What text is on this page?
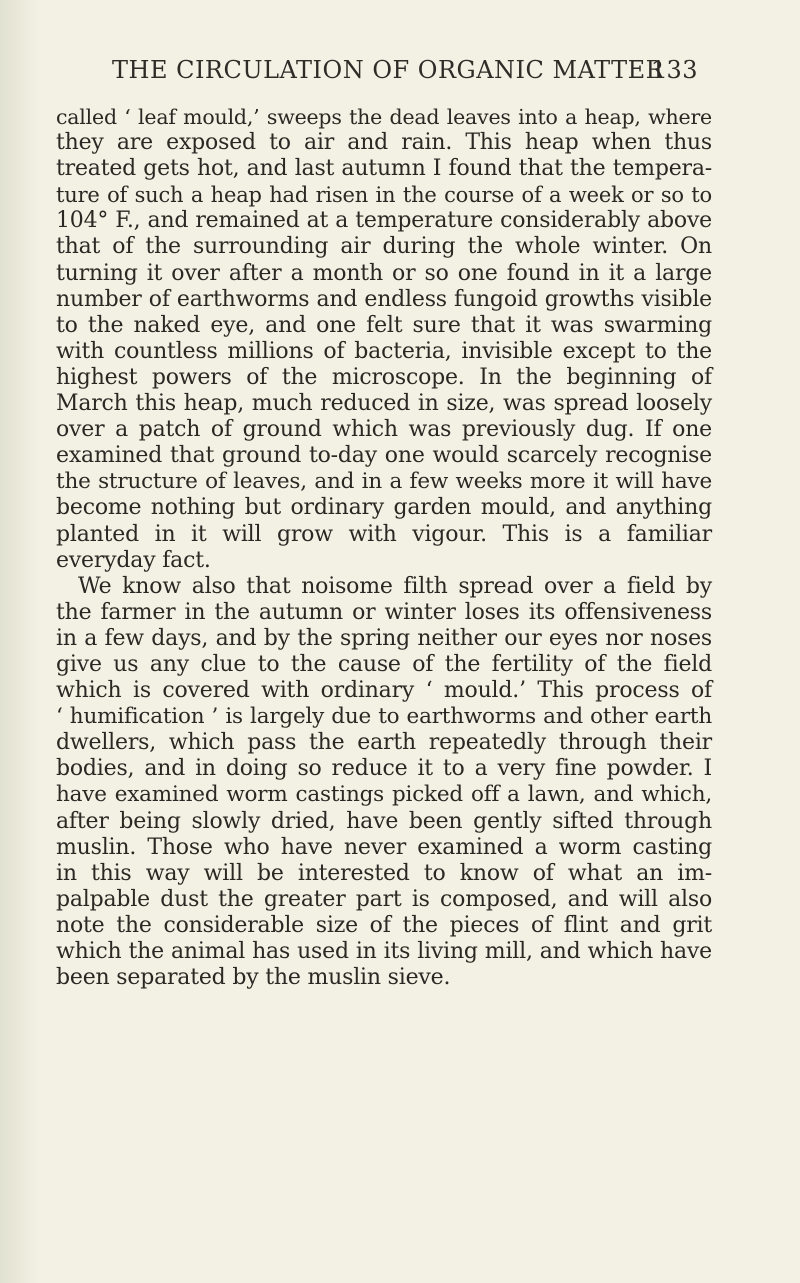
THE CIRCULATION OF ORGANIC MATTER
133
called ‘ leaf mould,’ sweeps the dead leaves into a heap, where
they are exposed to air and rain. This heap when thus
treated gets hot, and last autumn I found that the tempera-
ture of such a heap had risen in the course of a week or so to
104° F., and remained at a temperature considerably above
that of the surrounding air during the whole winter. On
turning it over after a month or so one found in it a large
number of earthworms and endless fungoid growths visible
to the naked eye, and one felt sure that it was swarming
with countless millions of bacteria, invisible except to the
highest powers of the microscope. In the beginning of
March this heap, much reduced in size, was spread loosely
over a patch of ground which was previously dug. If one
examined that ground to-day one would scarcely recognise
the structure of leaves, and in a few weeks more it will have
become nothing but ordinary garden mould, and anything
planted in it will grow with vigour. This is a familiar
everyday fact.
We know also that noisome filth spread over a field by
the farmer in the autumn or winter loses its offensiveness
in a few days, and by the spring neither our eyes nor noses
give us any clue to the cause of the fertility of the field
which is covered with ordinary ‘ mould.’ This process of
‘ humification ’ is largely due to earthworms and other earth
dwellers, which pass the earth repeatedly through their
bodies, and in doing so reduce it to a very fine powder. I
have examined worm castings picked off a lawn, and which,
after being slowly dried, have been gently sifted through
muslin. Those who have never examined a worm casting
in this way will be interested to know of what an im-
palpable dust the greater part is composed, and will also
note the considerable size of the pieces of flint and grit
which the animal has used in its living mill, and which have
been separated by the muslin sieve.
